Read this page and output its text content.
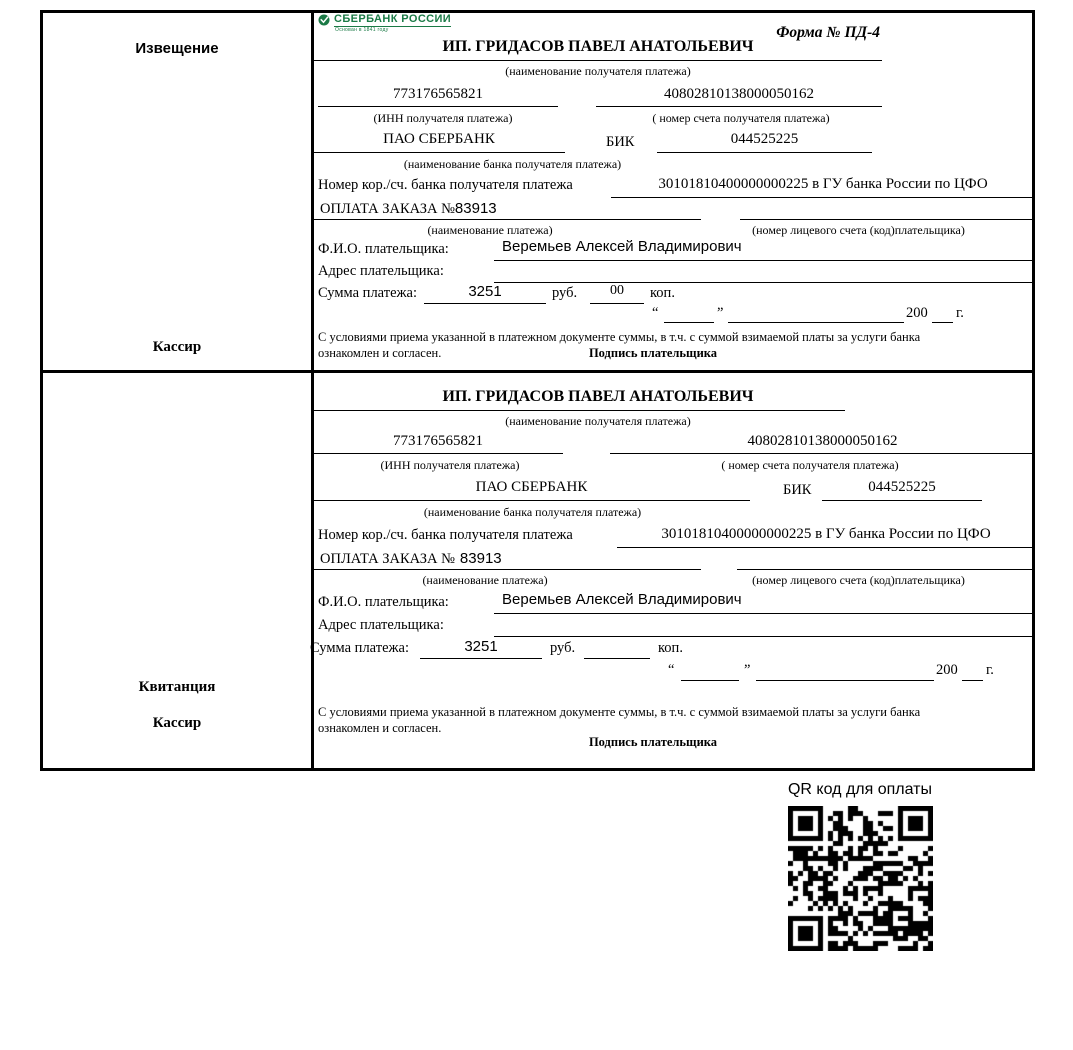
Извещение
Кассир
СБЕРБАНК РОССИИ
Основан в 1841 году	Форма № ПД-4
ИП. ГРИДАСОВ ПАВЕЛ АНАТОЛЬЕВИЧ
(наименование получателя платежа)
773176565821	40802810138000050162
(ИНН получателя платежа)	( номер счета получателя платежа)
ПАО СБЕРБАНК	БИК	044525225
(наименование банка получателя платежа)
Номер кор./сч. банка получателя платежа	30101810400000000225 в ГУ банка России по ЦФО
ОПЛАТА ЗАКАЗА №83913
(наименование платежа)	(номер лицевого счета (код)плательщика)
Ф.И.О. плательщика:	Веремьев Алексей Владимирович
Адрес плательщика:
Сумма платежа:	3251	руб.	00	коп.
“	”	200 г.
С условиями приема указанной в платежном документе суммы, в т.ч. с суммой взимаемой платы за услуги банка
ознакомлен и согласен.	Подпись плательщика
Квитанция
Кассир
ИП. ГРИДАСОВ ПАВЕЛ АНАТОЛЬЕВИЧ
(наименование получателя платежа)
773176565821	40802810138000050162
(ИНН получателя платежа)	( номер счета получателя платежа)
ПАО СБЕРБАНК	БИК	044525225
(наименование банка получателя платежа)
Номер кор./сч. банка получателя платежа	30101810400000000225 в ГУ банка России по ЦФО
ОПЛАТА ЗАКАЗА № 83913
(наименование платежа)	(номер лицевого счета (код)плательщика)
Ф.И.О. плательщика:	Веремьев Алексей Владимирович
Адрес плательщика:
Сумма платежа:	3251	руб.	коп.
“	”	200 г.
С условиями приема указанной в платежном документе суммы, в т.ч. с суммой взимаемой платы за услуги банка
ознакомлен и согласен.
Подпись плательщика
QR код для оплаты
